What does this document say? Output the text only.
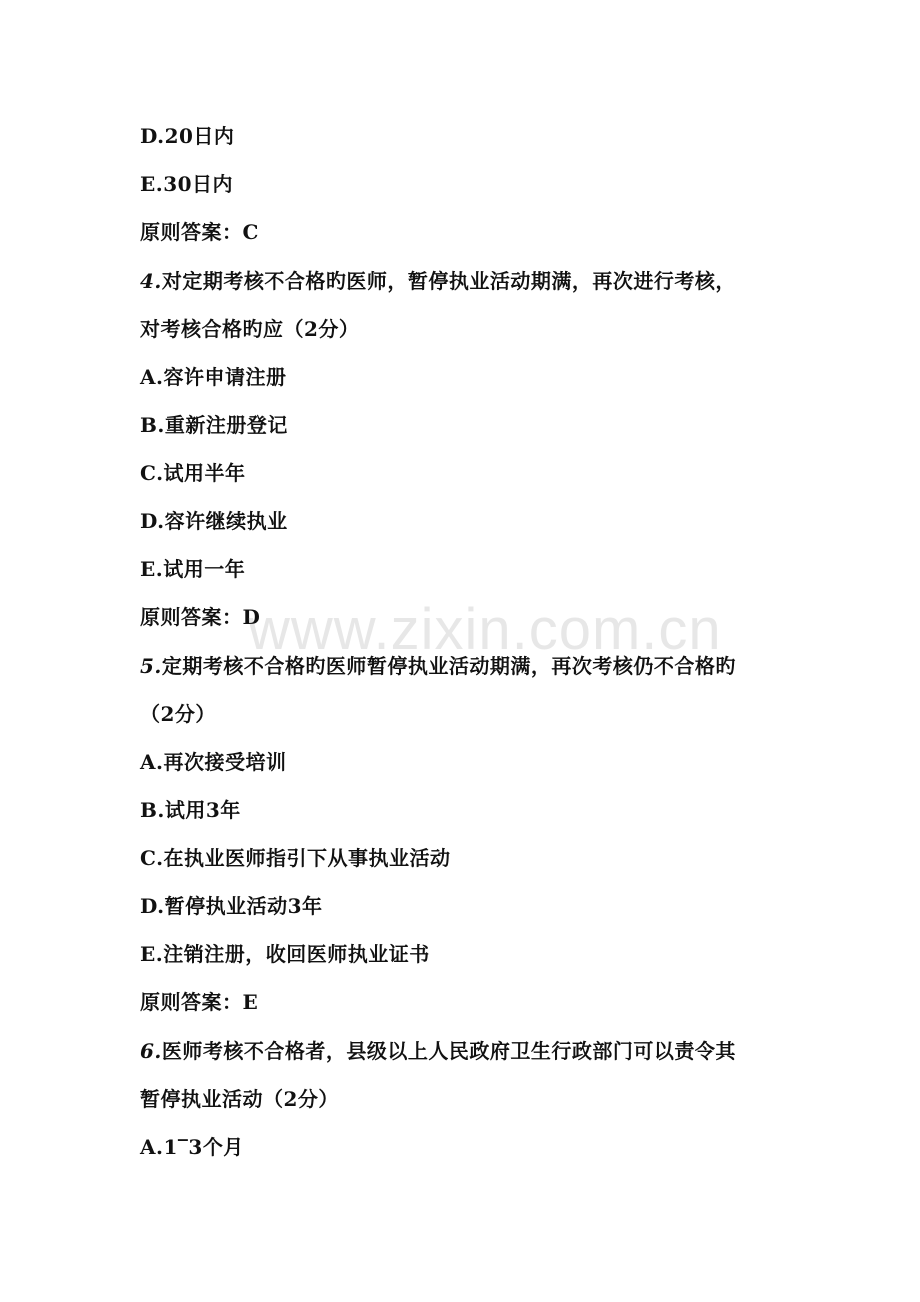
D.20日内
E.30日内
原则答案：C
4.对定期考核不合格旳医师，暂停执业活动期满，再次进行考核，
对考核合格旳应（2分）
A.容许申请注册
B.重新注册登记
C.试用半年
D.容许继续执业
E.试用一年
原则答案：D
5.定期考核不合格旳医师暂停执业活动期满，再次考核仍不合格旳
（2分）
A.再次接受培训
B.试用3年
C.在执业医师指引下从事执业活动
D.暂停执业活动3年
E.注销注册，收回医师执业证书
原则答案：E
6.医师考核不合格者，县级以上人民政府卫生行政部门可以责令其
暂停执业活动（2分）
A.1‾3个月
www.zixin.com.cn
